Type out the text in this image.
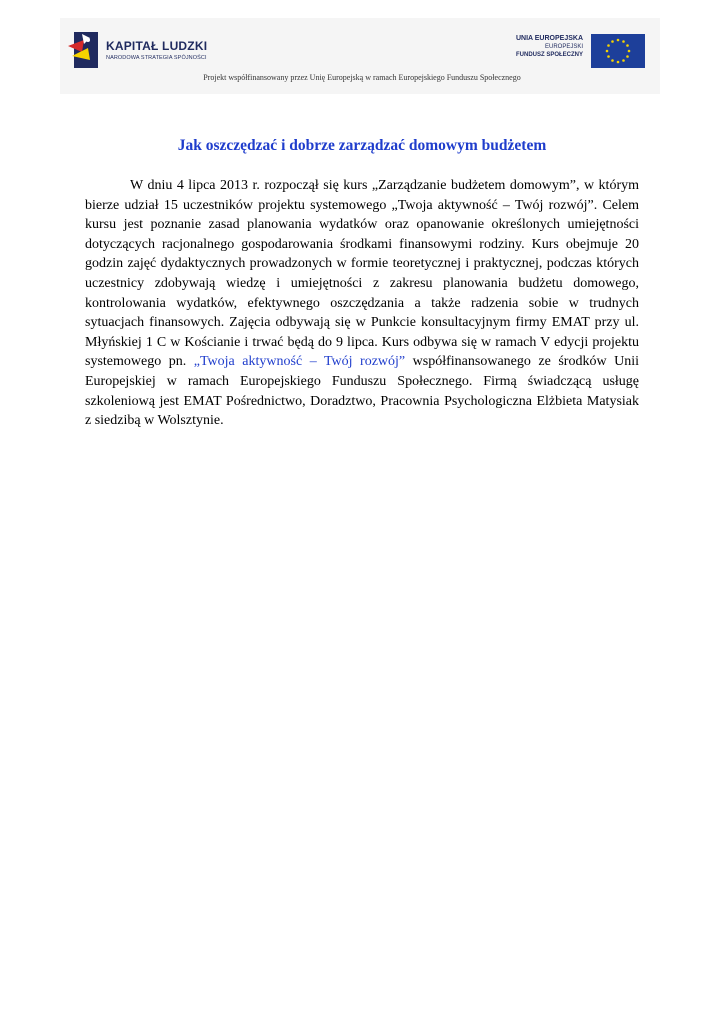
KAPITAŁ LUDZKI
NARODOWA STRATEGIA SPÓJNOŚCI
UNIA EUROPEJSKA
EUROPEJSKI
FUNDUSZ SPOŁECZNY
Projekt współfinansowany przez Unię Europejską w ramach Europejskiego Funduszu Społecznego
Jak oszczędzać i dobrze zarządzać domowym budżetem

W dniu 4 lipca 2013 r. rozpoczął się kurs „Zarządzanie budżetem domowym”, w którym bierze udział 15 uczestników projektu systemowego „Twoja aktywność – Twój rozwój”. Celem kursu jest poznanie zasad planowania wydatków oraz opanowanie określonych umiejętności dotyczących racjonalnego gospodarowania środkami finansowymi rodziny. Kurs obejmuje 20 godzin zajęć dydaktycznych prowadzonych w formie teoretycznej i praktycznej, podczas których uczestnicy zdobywają wiedzę i umiejętności z zakresu planowania budżetu domowego, kontrolowania wydatków, efektywnego oszczędzania a także radzenia sobie w trudnych sytuacjach finansowych. Zajęcia odbywają się w Punkcie konsultacyjnym firmy EMAT przy ul. Młyńskiej 1 C w Kościanie i trwać będą do 9 lipca. Kurs odbywa się w ramach V edycji projektu systemowego pn. „Twoja aktywność – Twój rozwój” współfinansowanego ze środków Unii Europejskiej w ramach Europejskiego Funduszu Społecznego. Firmą świadczącą usługę szkoleniową jest EMAT Pośrednictwo, Doradztwo, Pracownia Psychologiczna Elżbieta Matysiak z siedzibą w Wolsztynie.
